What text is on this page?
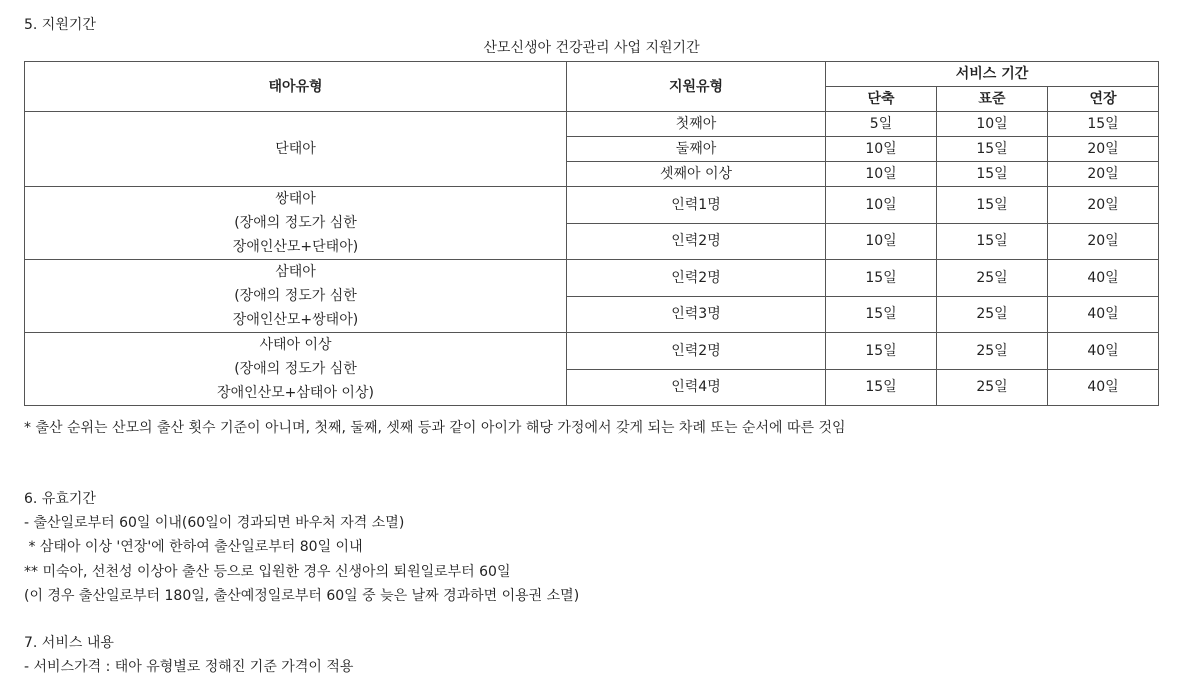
5. 지원기간
산모신생아 건강관리 사업 지원기간
태아유형	지원유형	서비스 기간		
		단축	표준	연장

단태아	첫째아	5일	10일	15일
	둘째아	10일	15일	20일
	셋째아 이상	10일	15일	20일

쌍태아
(장애의 정도가 심한
장애인산모+단태아)	인력1명	10일	15일	20일
	인력2명	10일	15일	20일

삼태아
(장애의 정도가 심한
장애인산모+쌍태아)	인력2명	15일	25일	40일
	인력3명	15일	25일	40일

사태아 이상
(장애의 정도가 심한
장애인산모+삼태아 이상)	인력2명	15일	25일	40일
	인력4명	15일	25일	40일
* 출산 순위는 산모의 출산 횟수 기준이 아니며, 첫째, 둘째, 셋째 등과 같이 아이가 해당 가정에서 갖게 되는 차례 또는 순서에 따른 것임
6. 유효기간
- 출산일로부터 60일 이내(60일이 경과되면 바우처 자격 소멸)
* 삼태아 이상 '연장'에 한하여 출산일로부터 80일 이내
** 미숙아, 선천성 이상아 출산 등으로 입원한 경우 신생아의 퇴원일로부터 60일
(이 경우 출산일로부터 180일, 출산예정일로부터 60일 중 늦은 날짜 경과하면 이용권 소멸)
7. 서비스 내용
- 서비스가격 : 태아 유형별로 정해진 기준 가격이 적용
